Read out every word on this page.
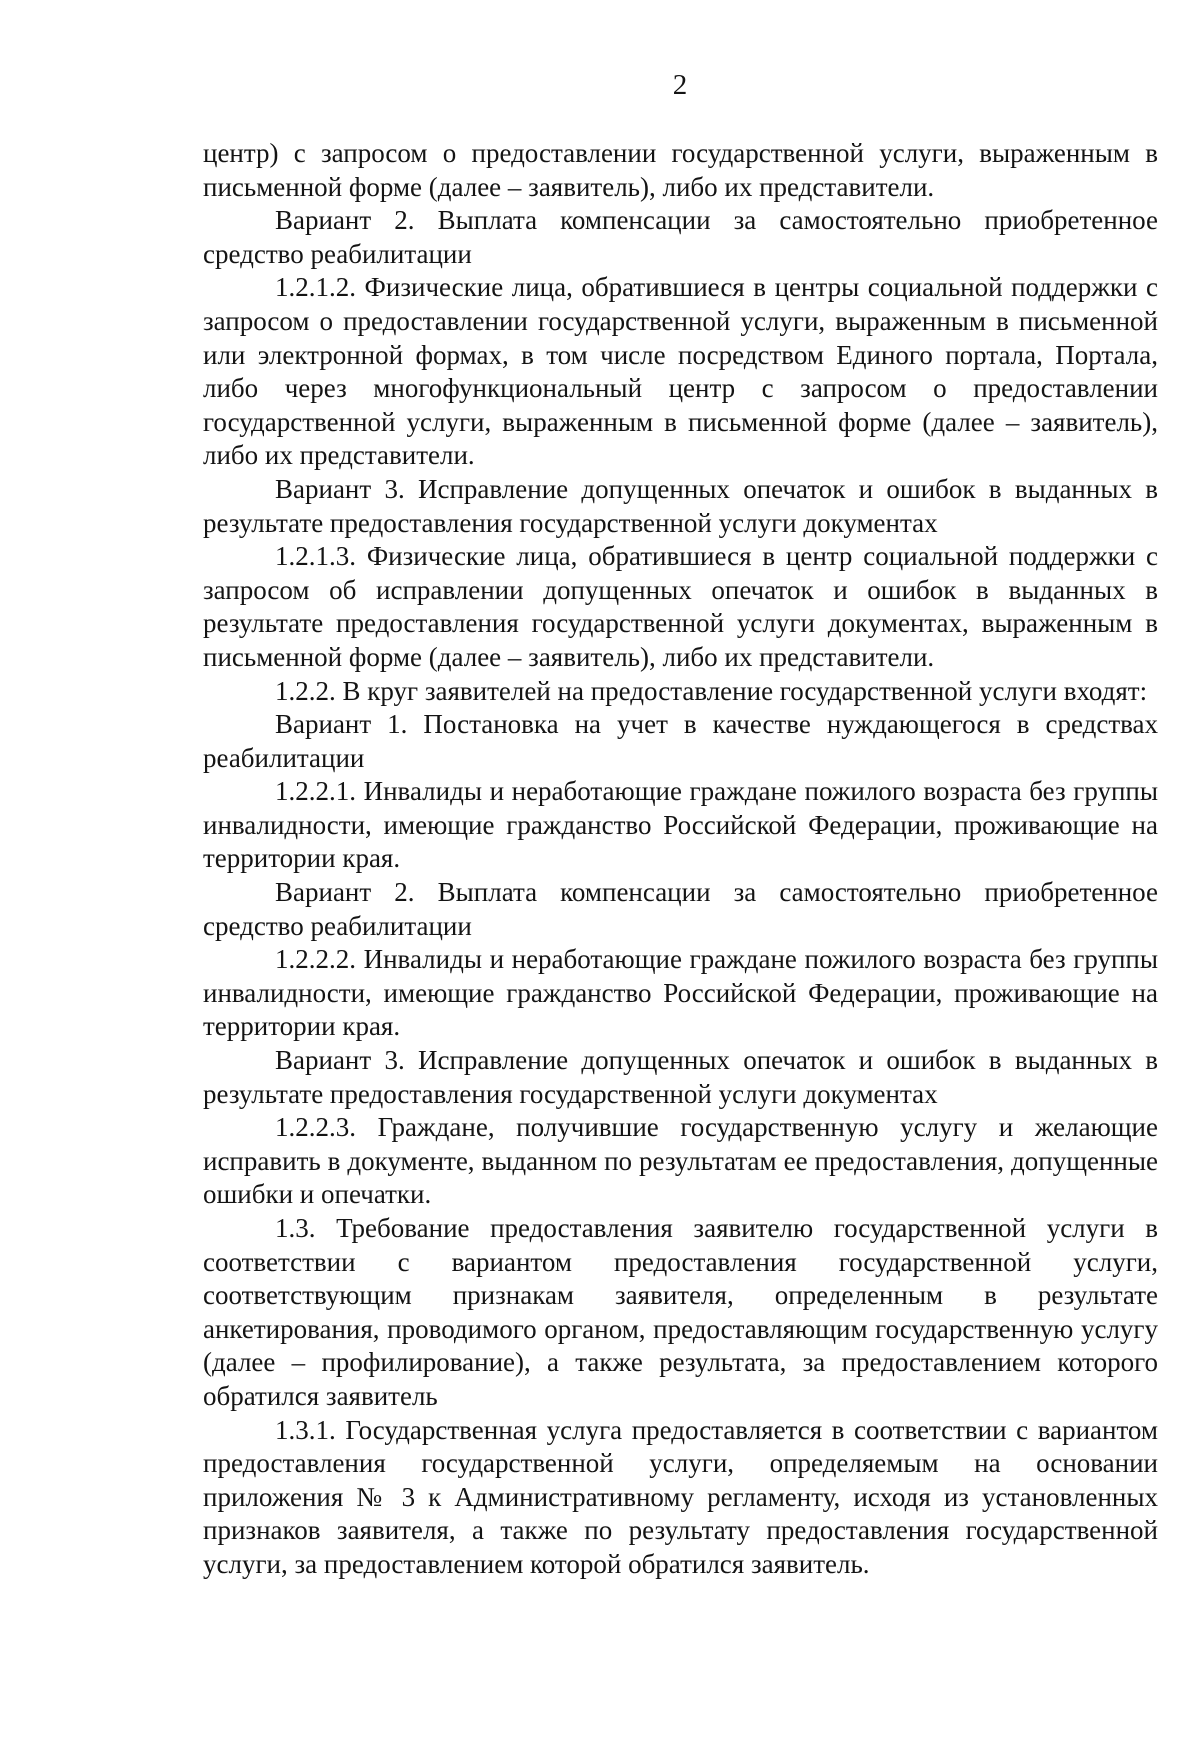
2

центр) с запросом о предоставлении государственной услуги, выраженным в письменной форме (далее – заявитель), либо их представители.

Вариант 2. Выплата компенсации за самостоятельно приобретенное средство реабилитации

1.2.1.2. Физические лица, обратившиеся в центры социальной поддержки с запросом о предоставлении государственной услуги, выраженным в письменной или электронной формах, в том числе посредством Единого портала, Портала, либо через многофункциональный центр с запросом о предоставлении государственной услуги, выраженным в письменной форме (далее – заявитель), либо их представители.

Вариант 3. Исправление допущенных опечаток и ошибок в выданных в результате предоставления государственной услуги документах

1.2.1.3. Физические лица, обратившиеся в центр социальной поддержки с запросом об исправлении допущенных опечаток и ошибок в выданных в результате предоставления государственной услуги документах, выраженным в письменной форме (далее – заявитель), либо их представители.

1.2.2. В круг заявителей на предоставление государственной услуги входят:

Вариант 1. Постановка на учет в качестве нуждающегося в средствах реабилитации

1.2.2.1. Инвалиды и неработающие граждане пожилого возраста без группы инвалидности, имеющие гражданство Российской Федерации, проживающие на территории края.

Вариант 2. Выплата компенсации за самостоятельно приобретенное средство реабилитации

1.2.2.2. Инвалиды и неработающие граждане пожилого возраста без группы инвалидности, имеющие гражданство Российской Федерации, проживающие на территории края.

Вариант 3. Исправление допущенных опечаток и ошибок в выданных в результате предоставления государственной услуги документах

1.2.2.3. Граждане, получившие государственную услугу и желающие исправить в документе, выданном по результатам ее предоставления, допущенные ошибки и опечатки.

1.3. Требование предоставления заявителю государственной услуги в соответствии с вариантом предоставления государственной услуги, соответствующим признакам заявителя, определенным в результате анкетирования, проводимого органом, предоставляющим государственную услугу (далее – профилирование), а также результата, за предоставлением которого обратился заявитель

1.3.1. Государственная услуга предоставляется в соответствии с вариантом предоставления государственной услуги, определяемым на основании приложения № 3 к Административному регламенту, исходя из установленных признаков заявителя, а также по результату предоставления государственной услуги, за предоставлением которой обратился заявитель.
